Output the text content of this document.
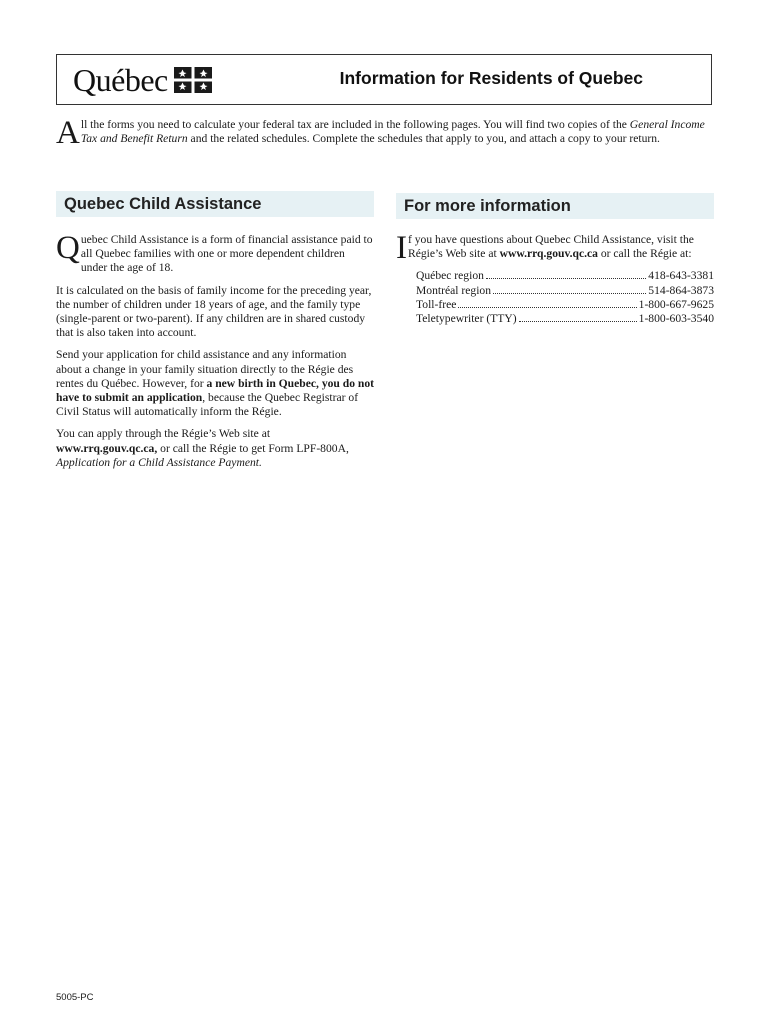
Québec	Information for Residents of Quebec
All the forms you need to calculate your federal tax are included in the following pages. You will find two copies of the General Income Tax and Benefit Return and the related schedules. Complete the schedules that apply to you, and attach a copy to your return.
Quebec Child Assistance	For more information

Quebec Child Assistance is a form of financial assistance paid to all Quebec families with one or more dependent children under the age of 18.

It is calculated on the basis of family income for the preceding year, the number of children under 18 years of age, and the family type (single-parent or two-parent). If any children are in shared custody that is also taken into account.

Send your application for child assistance and any information about a change in your family situation directly to the Régie des rentes du Québec. However, for a new birth in Quebec, you do not have to submit an application, because the Quebec Registrar of Civil Status will automatically inform the Régie.

You can apply through the Régie’s Web site at www.rrq.gouv.qc.ca, or call the Régie to get Form LPF-800A, Application for a Child Assistance Payment.

If you have questions about Quebec Child Assistance, visit the Régie’s Web site at www.rrq.gouv.qc.ca or call the Régie at:

Québec region	418-643-3381
Montréal region	514-864-3873
Toll-free	1-800-667-9625
Teletypewriter (TTY)	1-800-603-3540
5005-PC
